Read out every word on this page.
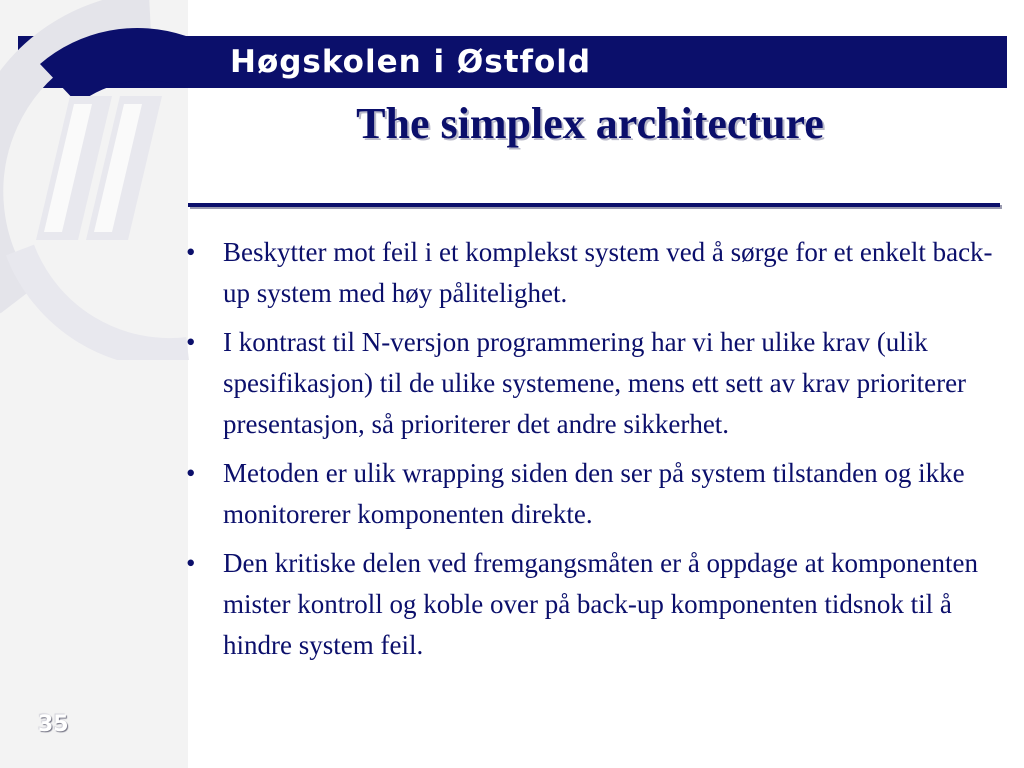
Høgskolen i Østfold
The simplex architecture
•	Beskytter mot feil i et komplekst system ved å sørge for et enkelt back-up system med høy pålitelighet.
•	I kontrast til N-versjon programmering har vi her ulike krav (ulik spesifikasjon) til de ulike systemene, mens ett sett av krav prioriterer presentasjon, så prioriterer det andre sikkerhet.
•	Metoden er ulik wrapping siden den ser på system tilstanden og ikke monitorerer komponenten direkte.
•	Den kritiske delen ved fremgangsmåten er å oppdage at komponenten mister kontroll og koble over på back-up komponenten tidsnok til å hindre system feil.
35
